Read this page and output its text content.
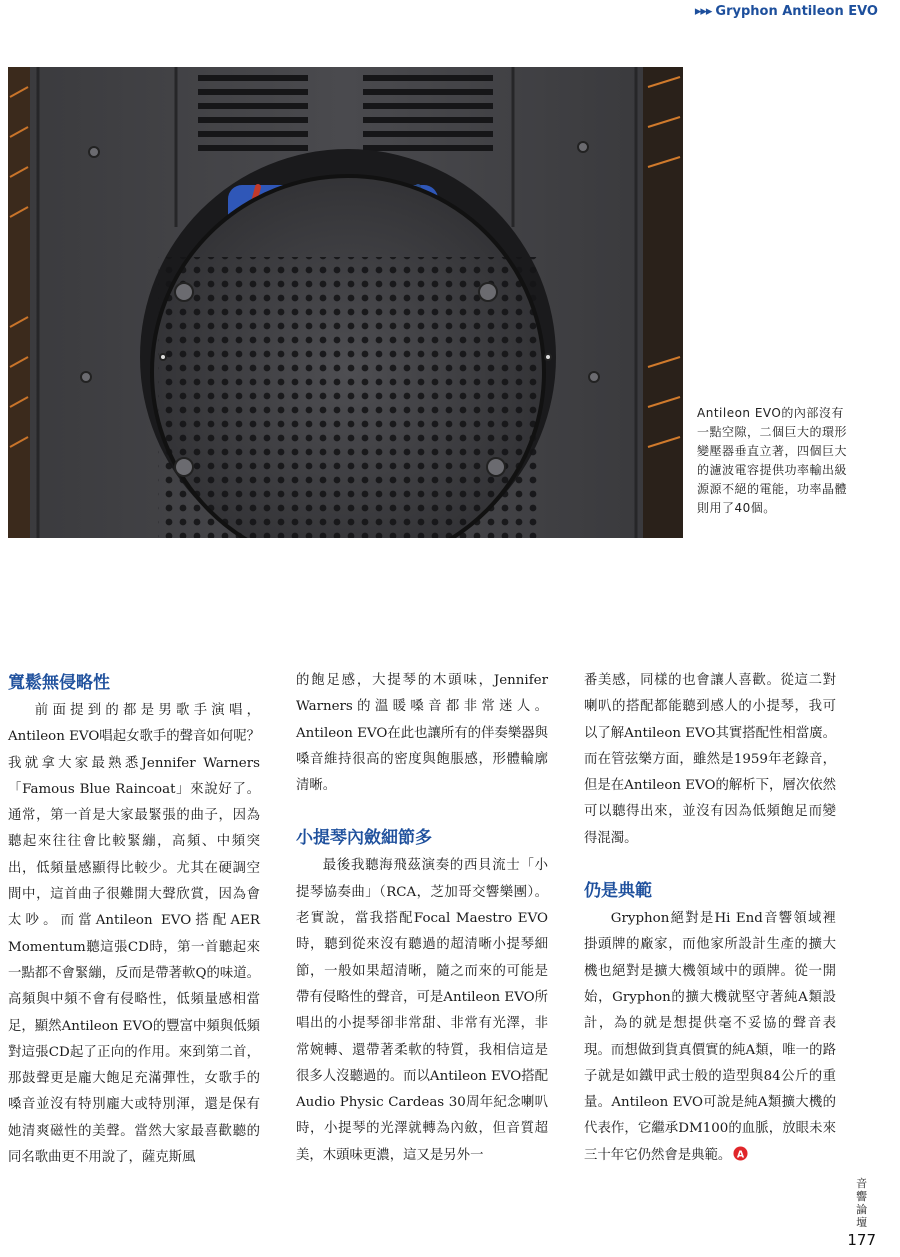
▸▸▸ Gryphon Antileon EVO
Antileon EVO的內部沒有一點空隙，二個巨大的環形變壓器垂直立著，四個巨大的濾波電容提供功率輸出級源源不絕的電能，功率晶體則用了40個。
寬鬆無侵略性

前面提到的都是男歌手演唱，Antileon EVO唱起女歌手的聲音如何呢？我就拿大家最熟悉Jennifer Warners「Famous Blue Raincoat」來說好了。通常，第一首是大家最緊張的曲子，因為聽起來往往會比較緊繃，高頻、中頻突出，低頻量感顯得比較少。尤其在硬調空間中，這首曲子很難開大聲欣賞，因為會太吵。而當Antileon EVO搭配AER Momentum聽這張CD時，第一首聽起來一點都不會緊繃，反而是帶著軟Q的味道。高頻與中頻不會有侵略性，低頻量感相當足，顯然Antileon EVO的豐富中頻與低頻對這張CD起了正向的作用。來到第二首，那鼓聲更是龐大飽足充滿彈性，女歌手的嗓音並沒有特別龐大或特別渾，還是保有她清爽磁性的美聲。當然大家最喜歡聽的同名歌曲更不用說了，薩克斯風

的飽足感，大提琴的木頭味，Jennifer Warners的溫暖嗓音都非常迷人。Antileon EVO在此也讓所有的伴奏樂器與嗓音維持很高的密度與飽脹感，形體輪廓清晰。

小提琴內斂細節多

最後我聽海飛茲演奏的西貝流士「小提琴協奏曲」（RCA，芝加哥交響樂團）。老實說，當我搭配Focal Maestro EVO時，聽到從來沒有聽過的超清晰小提琴細節，一般如果超清晰，隨之而來的可能是帶有侵略性的聲音，可是Antileon EVO所唱出的小提琴卻非常甜、非常有光澤，非常婉轉、還帶著柔軟的特質，我相信這是很多人沒聽過的。而以Antileon EVO搭配Audio Physic Cardeas 30周年紀念喇叭時，小提琴的光澤就轉為內斂，但音質超美，木頭味更濃，這又是另外一

番美感，同樣的也會讓人喜歡。從這二對喇叭的搭配都能聽到感人的小提琴，我可以了解Antileon EVO其實搭配性相當廣。而在管弦樂方面，雖然是1959年老錄音，但是在Antileon EVO的解析下，層次依然可以聽得出來，並沒有因為低頻飽足而變得混濁。

仍是典範

Gryphon絕對是Hi End音響領域裡掛頭牌的廠家，而他家所設計生產的擴大機也絕對是擴大機領域中的頭牌。從一開始，Gryphon的擴大機就堅守著純A類設計，為的就是想提供毫不妥協的聲音表現。而想做到貨真價實的純A類，唯一的路子就是如鐵甲武士般的造型與84公斤的重量。Antileon EVO可說是純A類擴大機的代表作，它繼承DM100的血脈，放眼未來三十年它仍然會是典範。 A

音響論壇
177
